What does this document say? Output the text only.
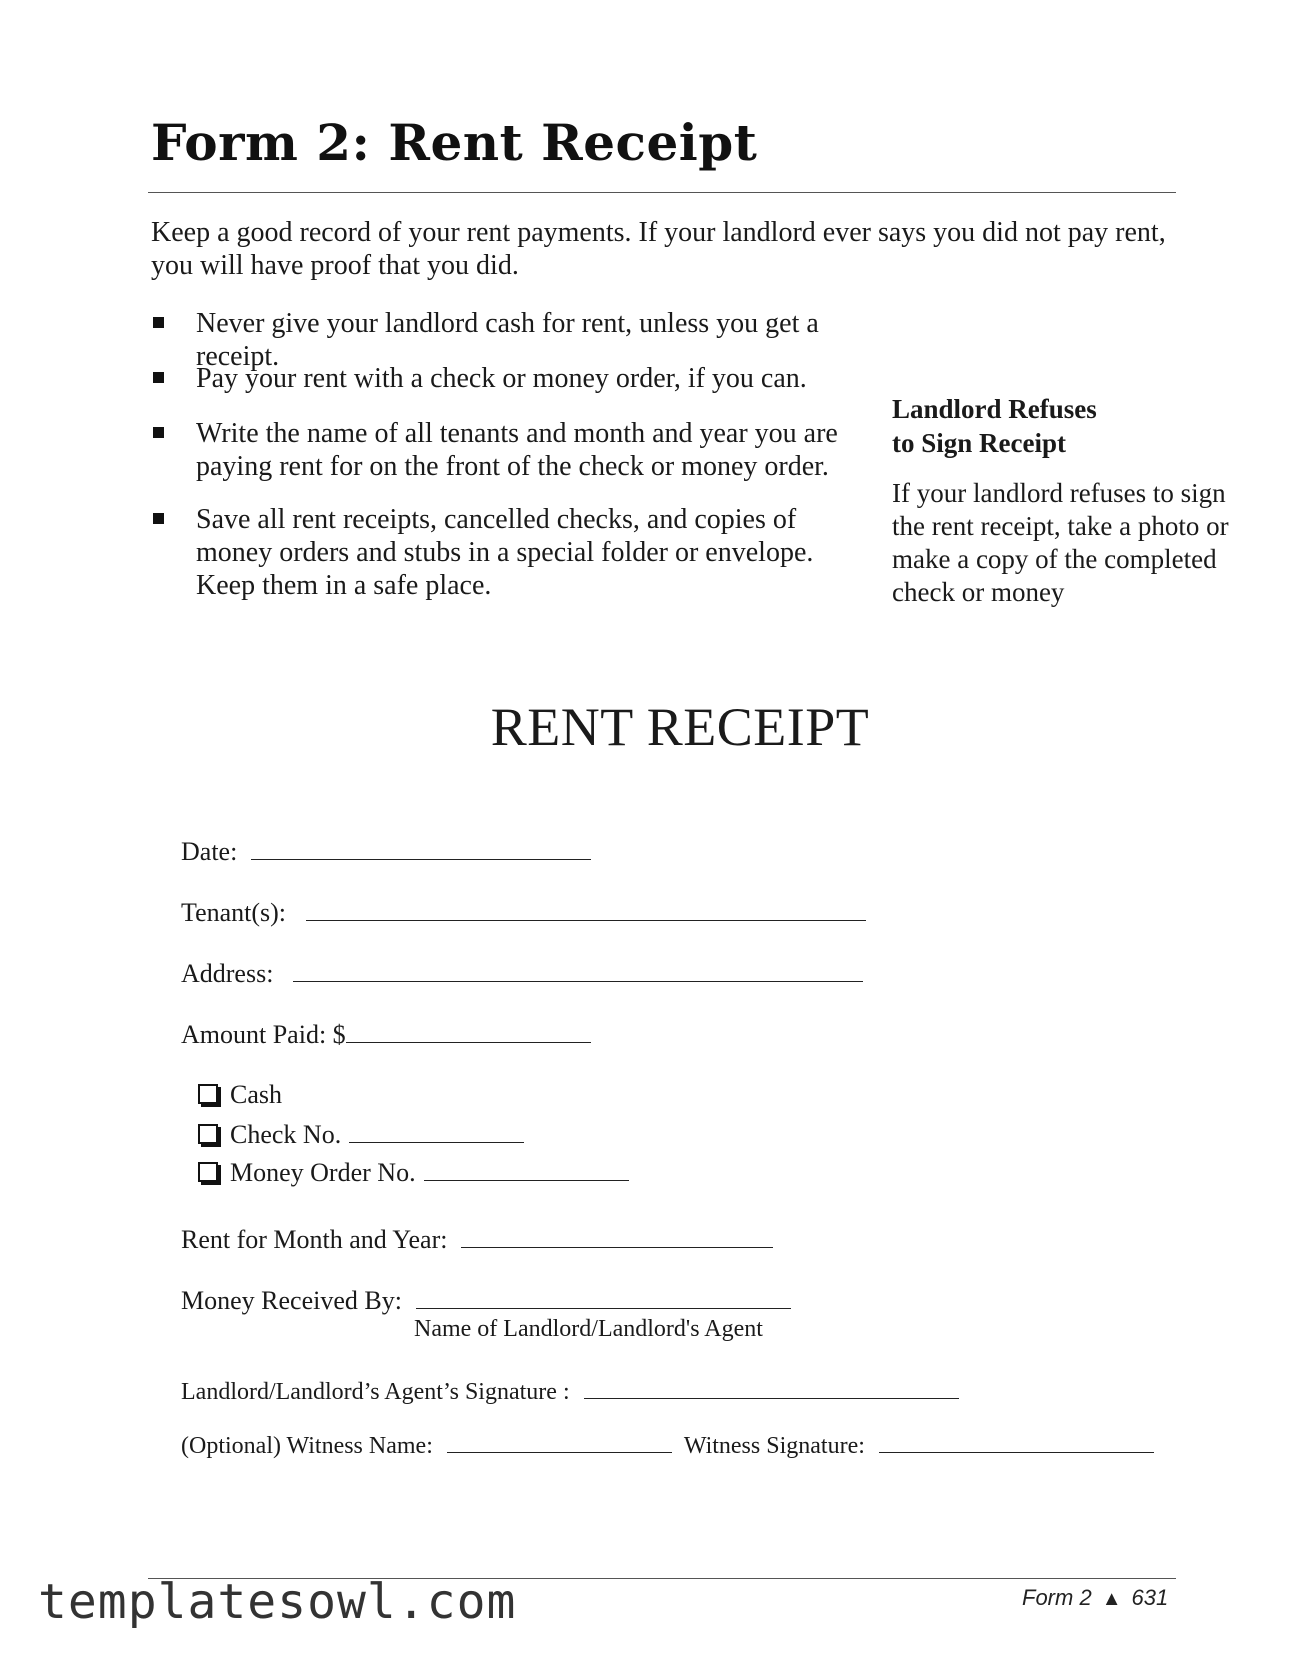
Form 2: Rent Receipt
Keep a good record of your rent payments. If your landlord ever says you did not pay rent, you will have proof that you did.
Never give your landlord cash for rent, unless you get a receipt.
Pay your rent with a check or money order, if you can.
Write the name of all tenants and month and year you are paying rent for on the front of the check or money order.
Save all rent receipts, cancelled checks, and copies of money orders and stubs in a special folder or envelope. Keep them in a safe place.
Landlord Refuses
to Sign Receipt
If your landlord refuses to sign the rent receipt, take a photo or make a copy of the completed check or money
RENT RECEIPT
Date:
Tenant(s):
Address:
Amount Paid: $
Cash
Check No.
Money Order No.
Rent for Month and Year:
Money Received By:
Name of Landlord/Landlord's Agent
Landlord/Landlord’s Agent’s Signature :
(Optional) Witness Name:	Witness Signature:
templatesowl.com	Form 2 ▲ 631
